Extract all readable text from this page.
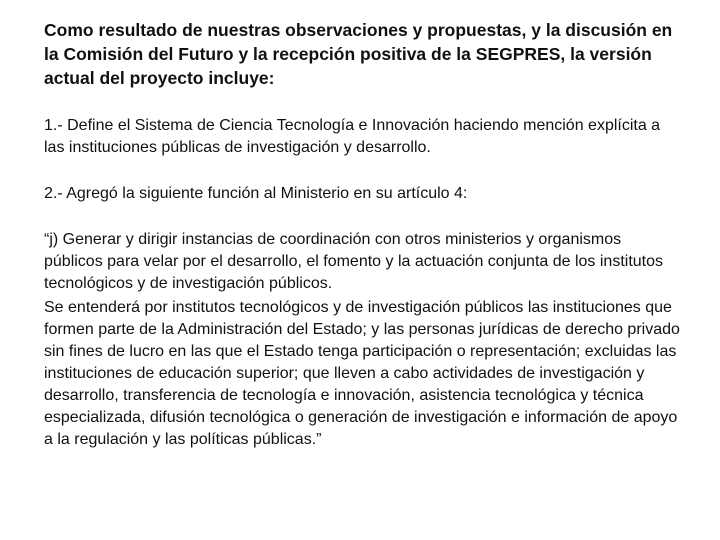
Como resultado de nuestras observaciones y propuestas, y la discusión en la Comisión del Futuro y la recepción positiva de la SEGPRES, la versión actual del proyecto incluye:

1.- Define el Sistema de Ciencia Tecnología e Innovación haciendo mención explícita a las instituciones públicas de investigación y desarrollo.

2.- Agregó la siguiente función al Ministerio en su artículo 4:

“j) Generar y dirigir instancias de coordinación con otros ministerios y organismos públicos para velar por el desarrollo, el fomento y la actuación conjunta de los institutos tecnológicos y de investigación públicos.

Se entenderá por institutos tecnológicos y de investigación públicos las instituciones que formen parte de la Administración del Estado; y las personas jurídicas de derecho privado sin fines de lucro en las que el Estado tenga participación o representación; excluidas las instituciones de educación superior; que lleven a cabo actividades de investigación y desarrollo, transferencia de tecnología e innovación, asistencia tecnológica y técnica especializada, difusión tecnológica o generación de investigación e información de apoyo a la regulación y las políticas públicas.”
